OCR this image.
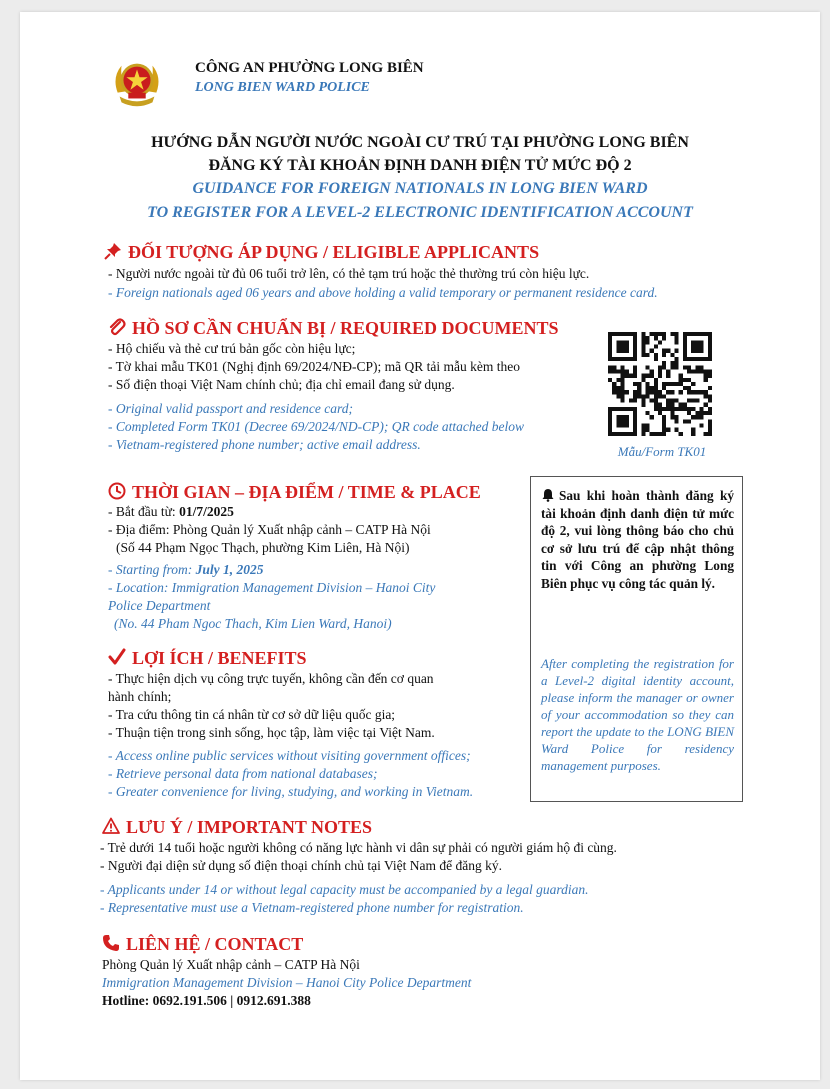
CÔNG AN PHƯỜNG LONG BIÊN
LONG BIEN WARD POLICE
HƯỚNG DẪN NGƯỜI NƯỚC NGOÀI CƯ TRÚ TẠI PHƯỜNG LONG BIÊN
ĐĂNG KÝ TÀI KHOẢN ĐỊNH DANH ĐIỆN TỬ MỨC ĐỘ 2
GUIDANCE FOR FOREIGN NATIONALS IN LONG BIEN WARD
TO REGISTER FOR A LEVEL-2 ELECTRONIC IDENTIFICATION ACCOUNT
ĐỐI TƯỢNG ÁP DỤNG / ELIGIBLE APPLICANTS
- Người nước ngoài từ đủ 06 tuổi trở lên, có thẻ tạm trú hoặc thẻ thường trú còn hiệu lực.
- Foreign nationals aged 06 years and above holding a valid temporary or permanent residence card.
HỒ SƠ CẦN CHUẨN BỊ / REQUIRED DOCUMENTS
- Hộ chiếu và thẻ cư trú bản gốc còn hiệu lực;
- Tờ khai mẫu TK01 (Nghị định 69/2024/NĐ-CP); mã QR tải mẫu kèm theo
- Số điện thoại Việt Nam chính chủ; địa chỉ email đang sử dụng.
- Original valid passport and residence card;
- Completed Form TK01 (Decree 69/2024/ND-CP); QR code attached below
- Vietnam-registered phone number; active email address.	Mẫu/Form TK01
THỜI GIAN – ĐỊA ĐIỂM / TIME & PLACE
- Bắt đầu từ: 01/7/2025
- Địa điểm: Phòng Quản lý Xuất nhập cảnh – CATP Hà Nội
(Số 44 Phạm Ngọc Thạch, phường Kim Liên, Hà Nội)
- Starting from: July 1, 2025
- Location: Immigration Management Division – Hanoi City
Police Department
(No. 44 Pham Ngoc Thach, Kim Lien Ward, Hanoi)
Sau khi hoàn thành đăng ký tài khoản định danh điện tử mức độ 2, vui lòng thông báo cho chủ cơ sở lưu trú để cập nhật thông tin với Công an phường Long Biên phục vụ công tác quản lý.
After completing the registration for a Level-2 digital identity account, please inform the manager or owner of your accommodation so they can report the update to the LONG BIEN Ward Police for residency management purposes.
LỢI ÍCH / BENEFITS
- Thực hiện dịch vụ công trực tuyến, không cần đến cơ quan
hành chính;
- Tra cứu thông tin cá nhân từ cơ sở dữ liệu quốc gia;
- Thuận tiện trong sinh sống, học tập, làm việc tại Việt Nam.
- Access online public services without visiting government offices;
- Retrieve personal data from national databases;
- Greater convenience for living, studying, and working in Vietnam.
LƯU Ý / IMPORTANT NOTES
- Trẻ dưới 14 tuổi hoặc người không có năng lực hành vi dân sự phải có người giám hộ đi cùng.
- Người đại diện sử dụng số điện thoại chính chủ tại Việt Nam để đăng ký.
- Applicants under 14 or without legal capacity must be accompanied by a legal guardian.
- Representative must use a Vietnam-registered phone number for registration.
LIÊN HỆ / CONTACT
Phòng Quản lý Xuất nhập cảnh – CATP Hà Nội
Immigration Management Division – Hanoi City Police Department
Hotline: 0692.191.506 | 0912.691.388
